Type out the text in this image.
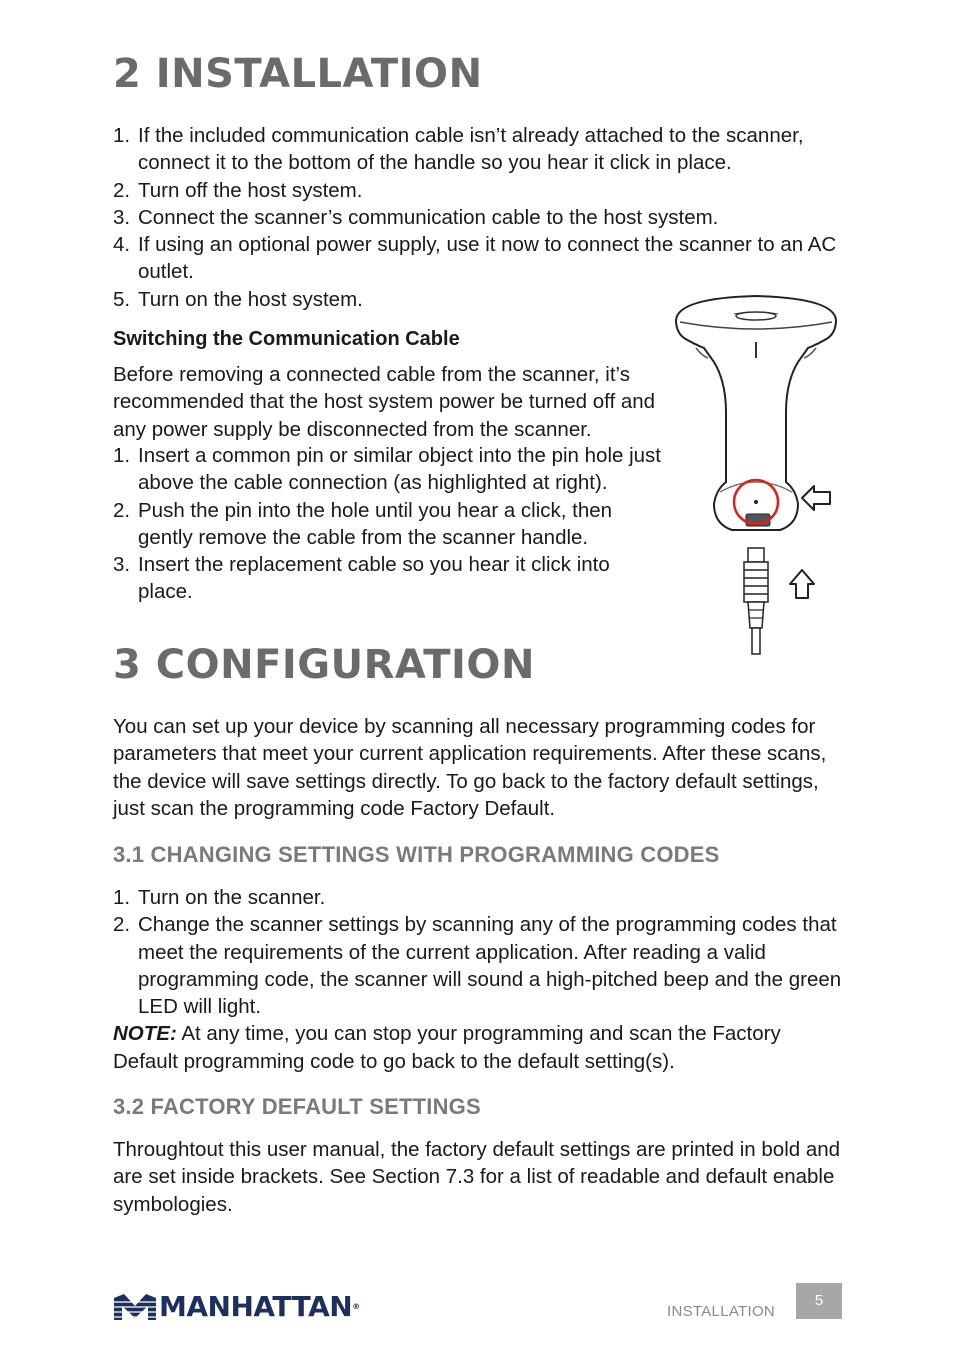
2 INSTALLATION
1. If the included communication cable isn’t already attached to the scanner, connect it to the bottom of the handle so you hear it click in place.
2. Turn off the host system.
3. Connect the scanner’s communication cable to the host system.
4. If using an optional power supply, use it now to connect the scanner to an AC outlet.
5. Turn on the host system.

Switching the Communication Cable

Before removing a connected cable from the scanner, it’s recommended that the host system power be turned off and any power supply be disconnected from the scanner.
1. Insert a common pin or similar object into the pin hole just above the cable connection (as highlighted at right).
2. Push the pin into the hole until you hear a click, then gently remove the cable from the scanner handle.
3. Insert the replacement cable so you hear it click into place.
3 CONFIGURATION
You can set up your device by scanning all necessary programming codes for parameters that meet your current application requirements. After these scans, the device will save settings directly. To go back to the factory default settings, just scan the programming code Factory Default.
3.1 CHANGING SETTINGS WITH PROGRAMMING CODES
1. Turn on the scanner.
2. Change the scanner settings by scanning any of the programming codes that meet the requirements of the current application. After reading a valid programming code, the scanner will sound a high-pitched beep and the green LED will light.
NOTE: At any time, you can stop your programming and scan the Factory Default programming code to go back to the default setting(s).
3.2 FACTORY DEFAULT SETTINGS
Throughtout this user manual, the factory default settings are printed in bold and are set inside brackets. See Section 7.3 for a list of readable and default enable symbologies.
MANHATTAN®	INSTALLATION
5
